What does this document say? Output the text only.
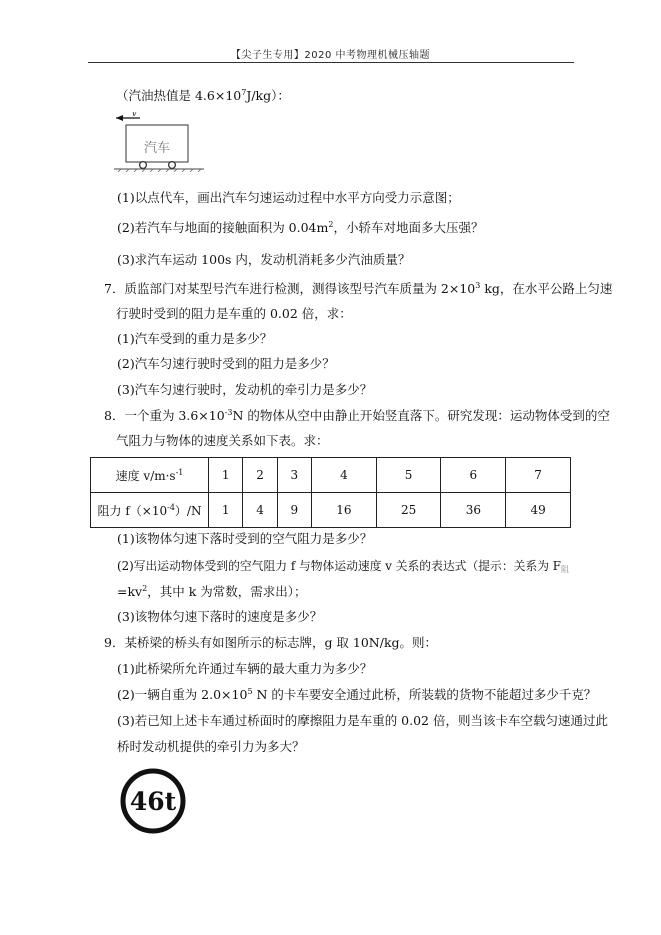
【尖子生专用】2020 中考物理机械压轴题
（汽油热值是 $4.6\times 10^7J/kg$）：
v
汽车
(1)以点代车，画出汽车匀速运动过程中水平方向受力示意图；
(2)若汽车与地面的接触面积为 $0.04m^2$，小轿车对地面多大压强？
(3)求汽车运动 100s 内，发动机消耗多少汽油质量？
7．质监部门对某型号汽车进行检测，测得该型号汽车质量为 $2\times 10^3$ kg，在水平公路上匀速
行驶时受到的阻力是车重的 0.02 倍，求：
(1)汽车受到的重力是多少？
(2)汽车匀速行驶时受到的阻力是多少？
(3)汽车匀速行驶时，发动机的牵引力是多少？
8．一个重为 $3.6\times 10^{-3}N$ 的物体从空中由静止开始竖直落下。研究发现：运动物体受到的空
气阻力与物体的速度关系如下表。求：
速度 $v/m\cdot s^{-1}$	1	2	3	4	5	6	7
阻力 $f(\times 10^{-4})/N$	1	4	9	16	25	36	49
(1)该物体匀速下落时受到的空气阻力是多少？
(2)写出运动物体受到的空气阻力 f 与物体运动速度 v 关系的表达式（提示：关系为 $F_阻$
$=kv^2$，其中 k 为常数，需求出）；
(3)该物体匀速下落时的速度是多少？
9．某桥梁的桥头有如图所示的标志牌，g 取 10N/kg。则：
(1)此桥梁所允许通过车辆的最大重力为多少？
(2)一辆自重为 $2.0\times 10^5$ N 的卡车要安全通过此桥，所装载的货物不能超过多少千克？
(3)若已知上述卡车通过桥面时的摩擦阻力是车重的 0.02 倍，则当该卡车空载匀速通过此
桥时发动机提供的牵引力为多大？
46t
